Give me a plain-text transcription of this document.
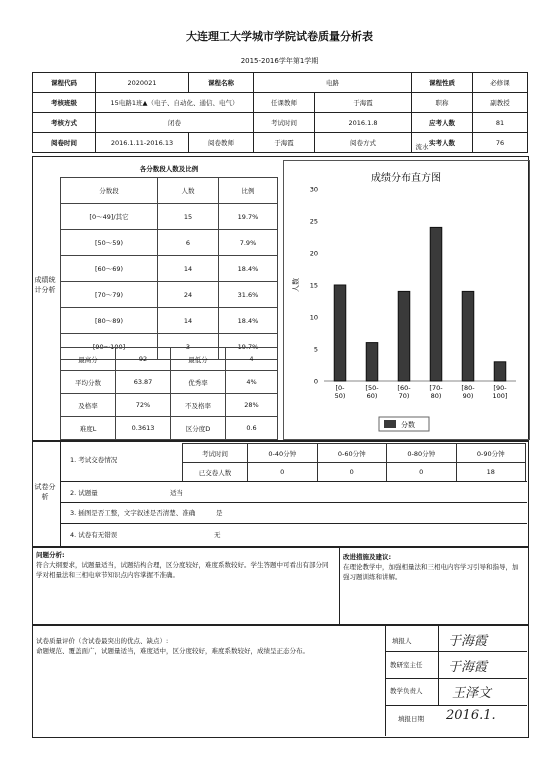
大连理工大学城市学院试卷质量分析表
2015-2016学年第1学期
课程代码	2020021	课程名称	电路		课程性质	必修课
考核班级	15电路1班▲（电子、自动化、通信、电气）		任课教师	于海霞	职称	副教授
考核方式	闭卷		考试时间	2016.1.8	应考人数	81
阅卷时间	2016.1.11-2016.13	阅卷教师	于海霞	阅卷方式	实考人数	76
流水
成绩统计分析
各分数段人数及比例		
分数段	人数	比例
[0～49]/其它	15	19.7%
[50～59)	6	7.9%
[60～69)	14	18.4%
[70～79)	24	31.6%
[80～89)	14	18.4%
[90～100]	3	19.7%
最高分	92	最低分	4
平均分数	63.87	优秀率	4%
及格率	72%	不及格率	28%
难度L	0.3613	区分度D	0.6
成绩分布直方图
人数
0
5
10
15
20
25
30
[0-
50)
[50-
60)
[60-
70)
[70-
80)
[80-
90)
[90-
100]
分数
试卷分析
1. 考试交卷情况
考试时间	0-40分钟	0-60分钟	0-80分钟	0-90分钟
已交卷人数	0	0	0	18
2. 试题量	适当
3. 插图是否工整，文字叙述是否清楚、准确	是
4. 试卷有无错误	无
问题分析:
符合大纲要求，试题量适当，试题结构合理，区分度较好，难度系数较好。学生答题中可看出有部分同学对相量法和三相电章节知识点内容掌握不准确。
改进措施及建议:
在理论教学中，加强相量法和三相电内容学习引导和指导，加强习题训练和讲解。
试卷质量评价（含试卷最突出的优点、缺点）:
命题规范、覆盖面广，试题量适当，难度适中，区分度较好，难度系数较好，成绩呈正态分布。
填报人	于海霞
教研室主任 于海霞
教学负责人 王泽文
填报日期 2016.1.
